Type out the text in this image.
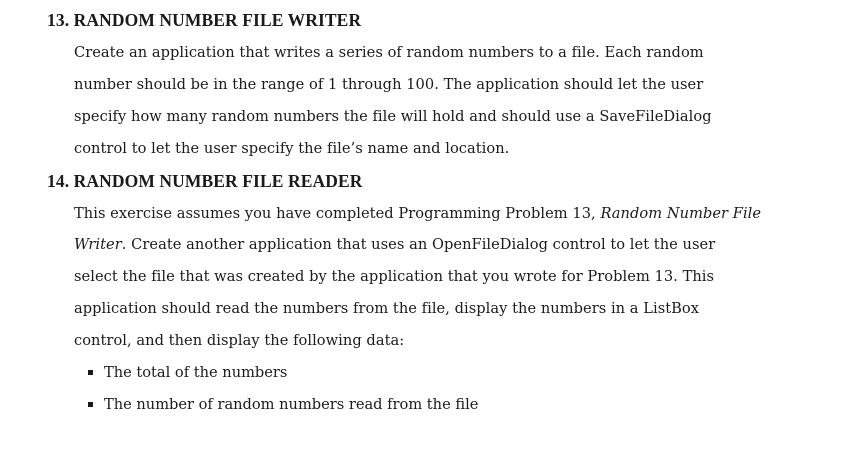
13. RANDOM NUMBER FILE WRITER
Create an application that writes a series of random numbers to a file. Each random
number should be in the range of 1 through 100. The application should let the user
specify how many random numbers the file will hold and should use a SaveFileDialog
control to let the user specify the file’s name and location.
14. RANDOM NUMBER FILE READER
This exercise assumes you have completed Programming Problem 13, Random Number File
Writer. Create another application that uses an OpenFileDialog control to let the user
select the file that was created by the application that you wrote for Problem 13. This
application should read the numbers from the file, display the numbers in a ListBox
control, and then display the following data:
The total of the numbers
The number of random numbers read from the file
